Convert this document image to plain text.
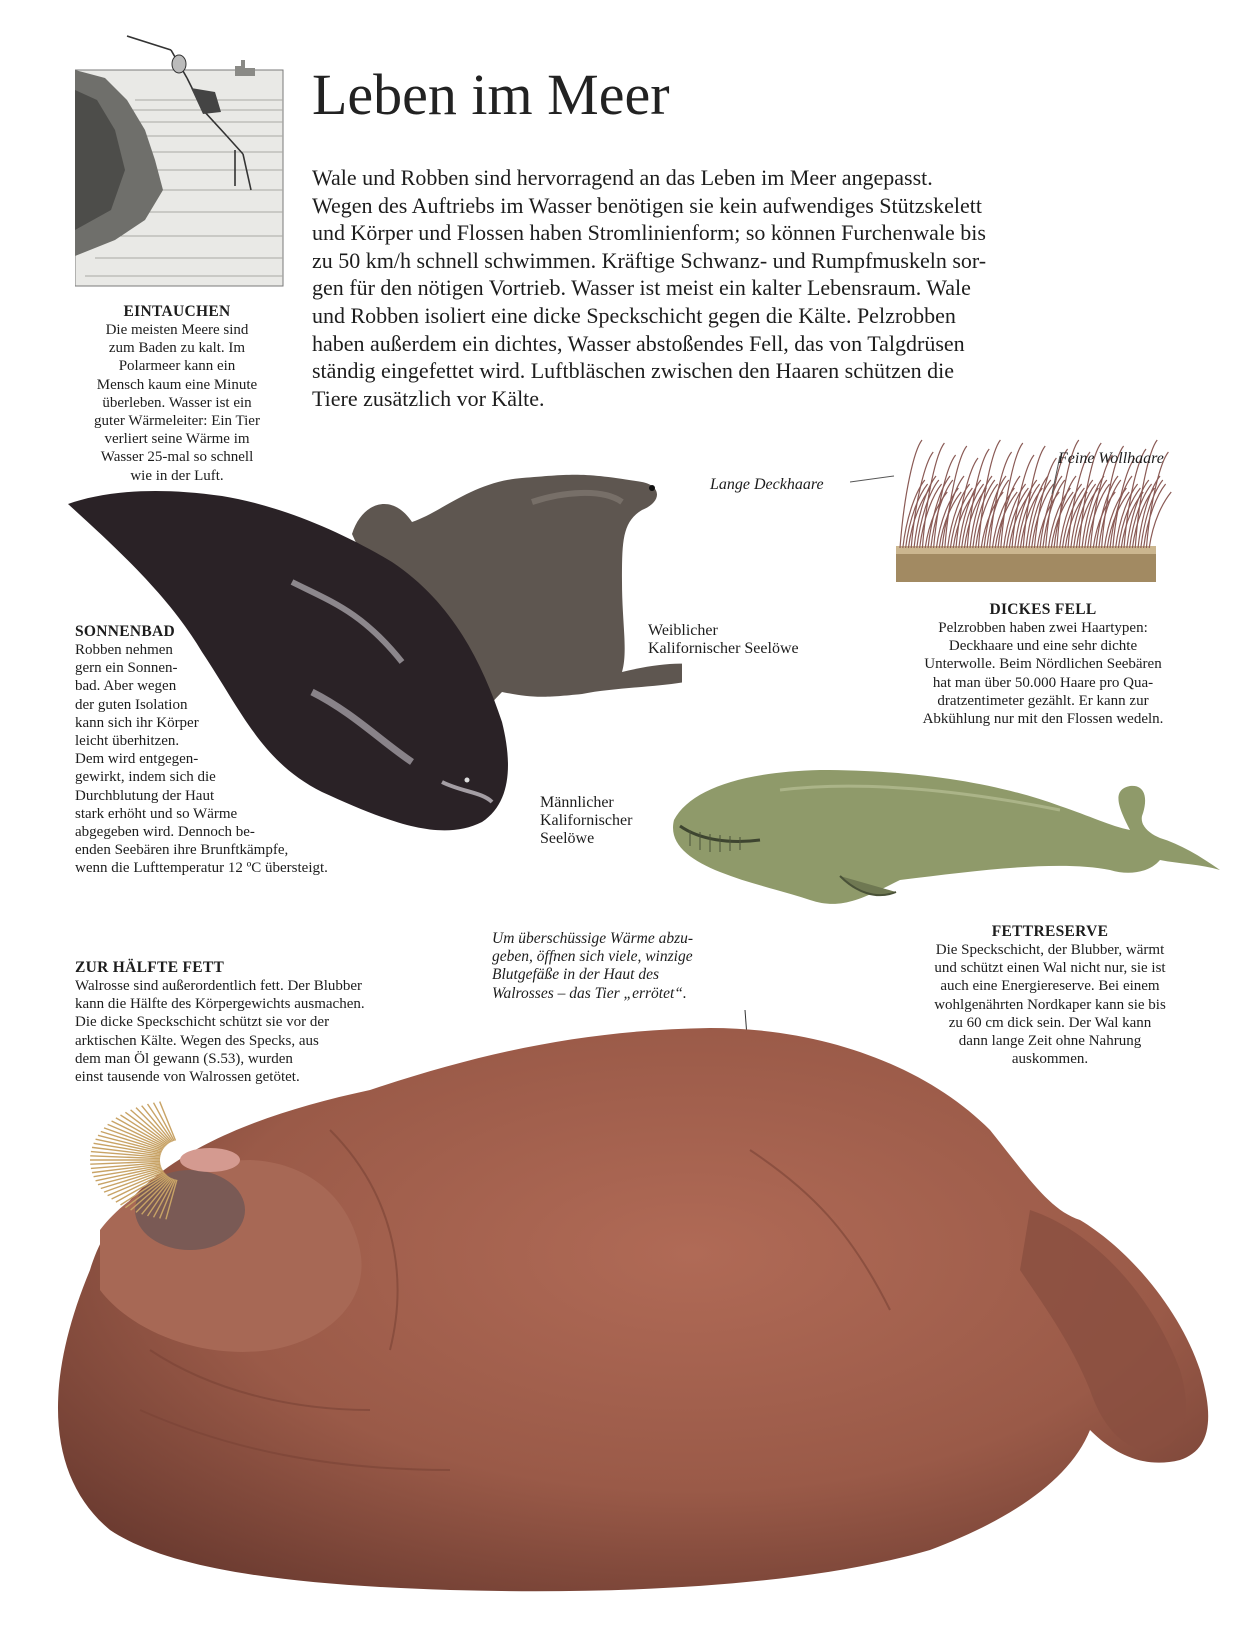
Leben im Meer
Wale und Robben sind hervorragend an das Leben im Meer angepasst.
Wegen des Auftriebs im Wasser benötigen sie kein aufwendiges Stützskelett
und Körper und Flossen haben Stromlinienform; so können Furchenwale bis
zu 50 km/h schnell schwimmen. Kräftige Schwanz- und Rumpfmuskeln sor-
gen für den nötigen Vortrieb. Wasser ist meist ein kalter Lebensraum. Wale
und Robben isoliert eine dicke Speckschicht gegen die Kälte. Pelzrobben
haben außerdem ein dichtes, Wasser abstoßendes Fell, das von Talgdrüsen
ständig eingefettet wird. Luftbläschen zwischen den Haaren schützen die
Tiere zusätzlich vor Kälte.
EINTAUCHEN
Die meisten Meere sind
zum Baden zu kalt. Im
Polarmeer kann ein
Mensch kaum eine Minute
überleben. Wasser ist ein
guter Wärmeleiter: Ein Tier
verliert seine Wärme im
Wasser 25-mal so schnell
wie in der Luft.
SONNENBAD
Robben nehmen
gern ein Sonnen-
bad. Aber wegen
der guten Isolation
kann sich ihr Körper
leicht überhitzen.
Dem wird entgegen-
gewirkt, indem sich die
Durchblutung der Haut
stark erhöht und so Wärme
abgegeben wird. Dennoch be-
enden Seebären ihre Brunftkämpfe,
wenn die Lufttemperatur 12 ºC übersteigt.
Weiblicher
Kalifornischer Seelöwe
Männlicher
Kalifornischer
Seelöwe
Lange Deckhaare
Feine Wollhaare
DICKES FELL
Pelzrobben haben zwei Haartypen:
Deckhaare und eine sehr dichte
Unterwolle. Beim Nördlichen Seebären
hat man über 50.000 Haare pro Qua-
dratzentimeter gezählt. Er kann zur
Abkühlung nur mit den Flossen wedeln.
Um überschüssige Wärme abzu-
geben, öffnen sich viele, winzige
Blutgefäße in der Haut des
Walrosses – das Tier „errötet“.
FETTRESERVE
Die Speckschicht, der Blubber, wärmt
und schützt einen Wal nicht nur, sie ist
auch eine Energiereserve. Bei einem
wohlgenährten Nordkaper kann sie bis
zu 60 cm dick sein. Der Wal kann
dann lange Zeit ohne Nahrung
auskommen.
ZUR HÄLFTE FETT
Walrosse sind außerordentlich fett. Der Blubber
kann die Hälfte des Körpergewichts ausmachen.
Die dicke Speckschicht schützt sie vor der
arktischen Kälte. Wegen des Specks, aus
dem man Öl gewann (S.53), wurden
einst tausende von Walrossen getötet.
